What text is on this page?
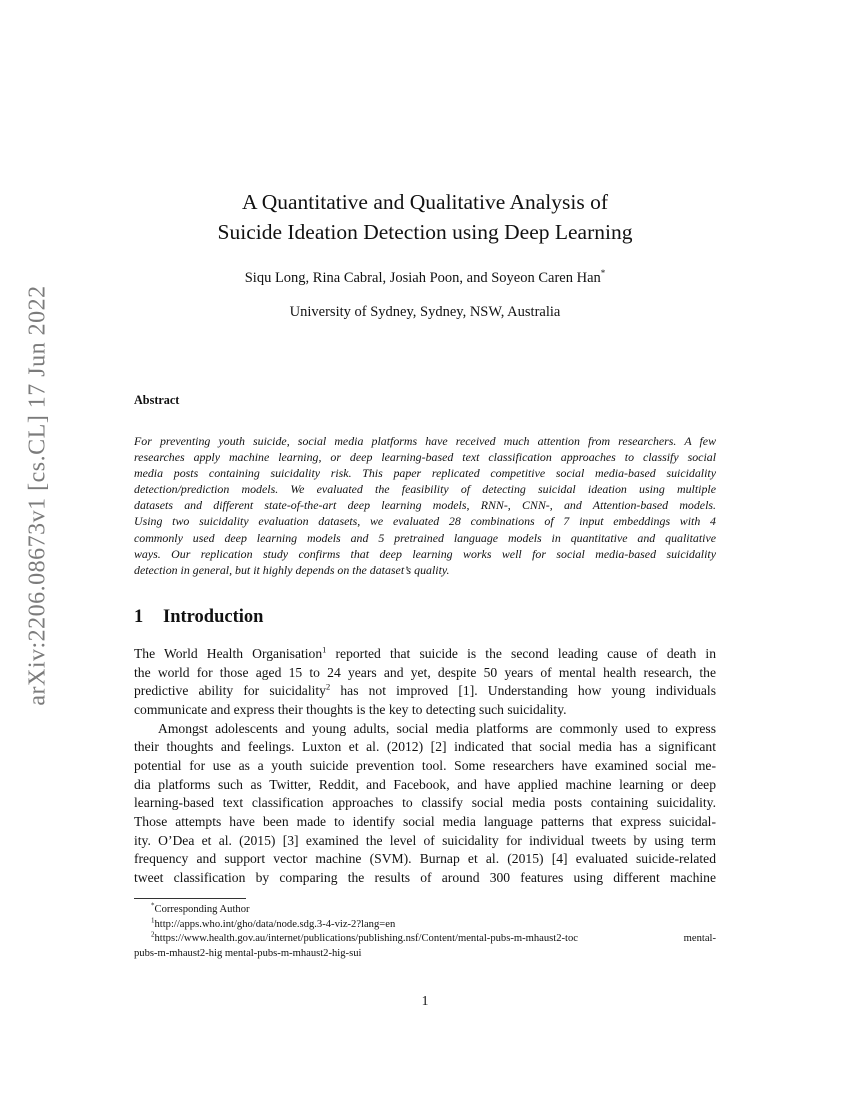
arXiv:2206.08673v1 [cs.CL] 17 Jun 2022
A Quantitative and Qualitative Analysis of
Suicide Ideation Detection using Deep Learning
Siqu Long, Rina Cabral, Josiah Poon, and Soyeon Caren Han*
University of Sydney, Sydney, NSW, Australia
Abstract
For preventing youth suicide, social media platforms have received much attention from researchers. A few
researches apply machine learning, or deep learning-based text classification approaches to classify social
media posts containing suicidality risk. This paper replicated competitive social media-based suicidality
detection/prediction models. We evaluated the feasibility of detecting suicidal ideation using multiple
datasets and different state-of-the-art deep learning models, RNN-, CNN-, and Attention-based models.
Using two suicidality evaluation datasets, we evaluated 28 combinations of 7 input embeddings with 4
commonly used deep learning models and 5 pretrained language models in quantitative and qualitative
ways. Our replication study confirms that deep learning works well for social media-based suicidality
detection in general, but it highly depends on the dataset’s quality.
1 Introduction
The World Health Organisation$^1$ reported that suicide is the second leading cause of death in
the world for those aged 15 to 24 years and yet, despite 50 years of mental health research, the
predictive ability for suicidality$^2$ has not improved [1]. Understanding how young individuals
communicate and express their thoughts is the key to detecting such suicidality.
Amongst adolescents and young adults, social media platforms are commonly used to express
their thoughts and feelings. Luxton et al. (2012) [2] indicated that social media has a significant
potential for use as a youth suicide prevention tool. Some researchers have examined social me-
dia platforms such as Twitter, Reddit, and Facebook, and have applied machine learning or deep
learning-based text classification approaches to classify social media posts containing suicidality.
Those attempts have been made to identify social media language patterns that express suicidal-
ity. O’Dea et al. (2015) [3] examined the level of suicidality for individual tweets by using term
frequency and support vector machine (SVM). Burnap et al. (2015) [4] evaluated suicide-related
tweet classification by comparing the results of around 300 features using different machine
*Corresponding Author
$^1$http://apps.who.int/gho/data/node.sdg.3-4-viz-2?lang=en
$^2$https://www.health.gov.au/internet/publications/publishing.nsf/Content/mental-pubs-m-mhaust2-toc	mental-
pubs-m-mhaust2-hig mental-pubs-m-mhaust2-hig-sui
1
